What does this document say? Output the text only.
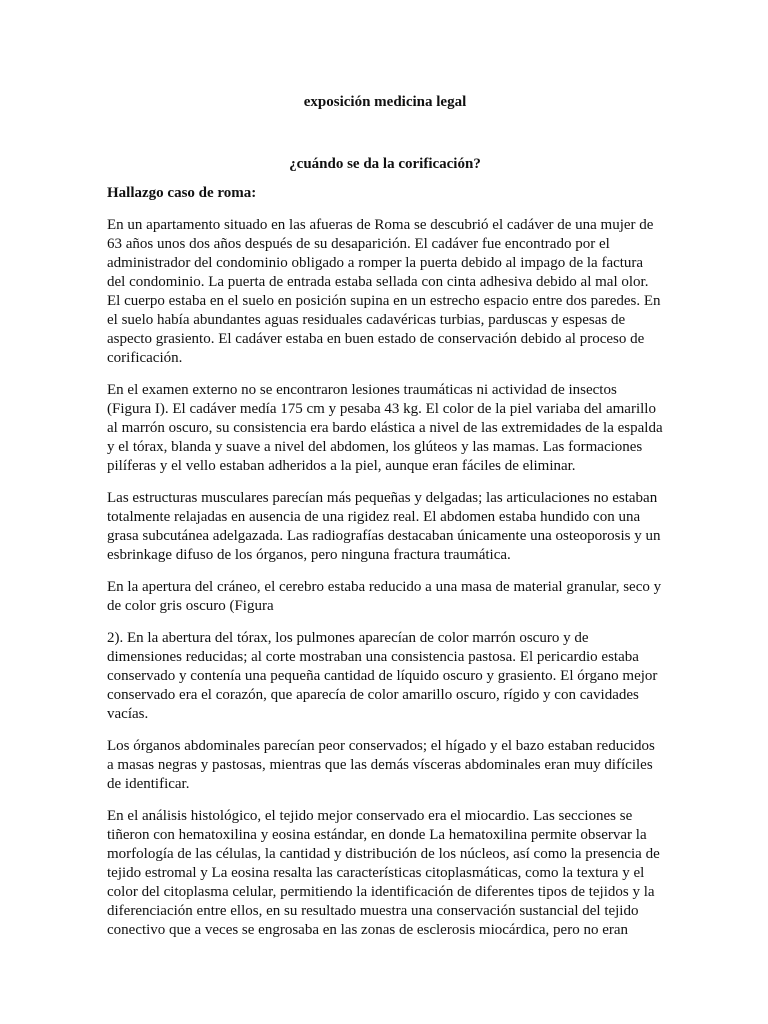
exposición medicina legal

¿cuándo se da la corificación?

Hallazgo caso de roma:

En un apartamento situado en las afueras de Roma se descubrió el cadáver de una mujer de 63 años unos dos años después de su desaparición. El cadáver fue encontrado por el administrador del condominio obligado a romper la puerta debido al impago de la factura del condominio. La puerta de entrada estaba sellada con cinta adhesiva debido al mal olor. El cuerpo estaba en el suelo en posición supina en un estrecho espacio entre dos paredes. En el suelo había abundantes aguas residuales cadavéricas turbias, parduscas y espesas de aspecto grasiento. El cadáver estaba en buen estado de conservación debido al proceso de corificación.

En el examen externo no se encontraron lesiones traumáticas ni actividad de insectos (Figura I). El cadáver medía 175 cm y pesaba 43 kg. El color de la piel variaba del amarillo al marrón oscuro, su consistencia era bardo elástica a nivel de las extremidades de la espalda y el tórax, blanda y suave a nivel del abdomen, los glúteos y las mamas. Las formaciones pilíferas y el vello estaban adheridos a la piel, aunque eran fáciles de eliminar.

Las estructuras musculares parecían más pequeñas y delgadas; las articulaciones no estaban totalmente relajadas en ausencia de una rigidez real. El abdomen estaba hundido con una grasa subcutánea adelgazada. Las radiografías destacaban únicamente una osteoporosis y un esbrinkage difuso de los órganos, pero ninguna fractura traumática.

En la apertura del cráneo, el cerebro estaba reducido a una masa de material granular, seco y de color gris oscuro (Figura

2). En la abertura del tórax, los pulmones aparecían de color marrón oscuro y de dimensiones reducidas; al corte mostraban una consistencia pastosa. El pericardio estaba conservado y contenía una pequeña cantidad de líquido oscuro y grasiento. El órgano mejor conservado era el corazón, que aparecía de color amarillo oscuro, rígido y con cavidades vacías.

Los órganos abdominales parecían peor conservados; el hígado y el bazo estaban reducidos a masas negras y pastosas, mientras que las demás vísceras abdominales eran muy difíciles de identificar.

En el análisis histológico, el tejido mejor conservado era el miocardio. Las secciones se tiñeron con hematoxilina y eosina estándar, en donde La hematoxilina permite observar la morfología de las células, la cantidad y distribución de los núcleos, así como la presencia de tejido estromal y La eosina resalta las características citoplasmáticas, como la textura y el color del citoplasma celular, permitiendo la identificación de diferentes tipos de tejidos y la diferenciación entre ellos, en su resultado muestra una conservación sustancial del tejido conectivo que a veces se engrosaba en las zonas de esclerosis miocárdica, pero no eran
